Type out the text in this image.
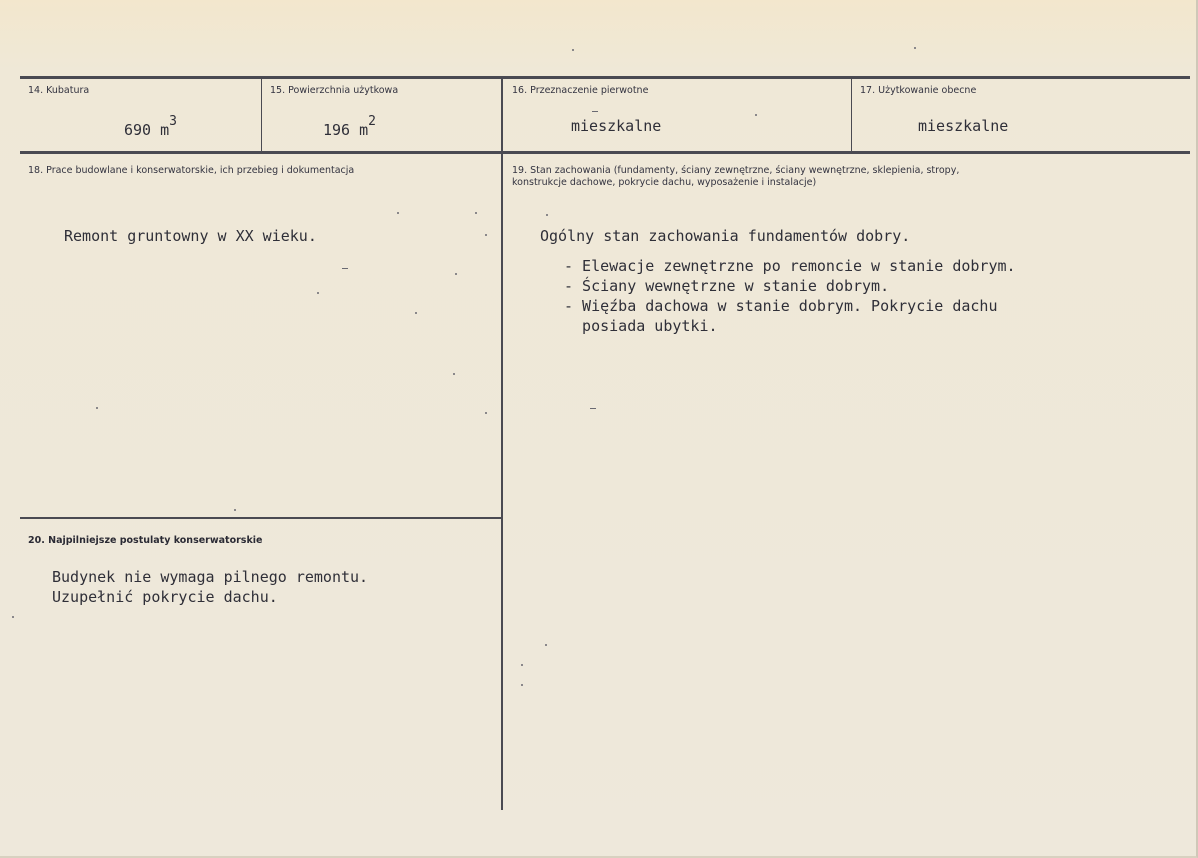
14. Kubatura
690 $m^3$
15. Powierzchnia użytkowa
196 $m^2$
16. Przeznaczenie pierwotne
mieszkalne
17. Użytkowanie obecne
mieszkalne
18. Prace budowlane i konserwatorskie, ich przebieg i dokumentacja
Remont gruntowny w XX wieku.
19. Stan zachowania (fundamenty, ściany zewnętrzne, ściany wewnętrzne, sklepienia, stropy, konstrukcje dachowe, pokrycie dachu, wyposażenie i instalacje)
Ogólny stan zachowania fundamentów dobry.
- Elewacje zewnętrzne po remoncie w stanie dobrym.
- Ściany wewnętrzne w stanie dobrym.
- Więźba dachowa w stanie dobrym. Pokrycie dachu
posiada ubytki.
20. Najpilniejsze postulaty konserwatorskie
Budynek nie wymaga pilnego remontu.
Uzupełnić pokrycie dachu.
